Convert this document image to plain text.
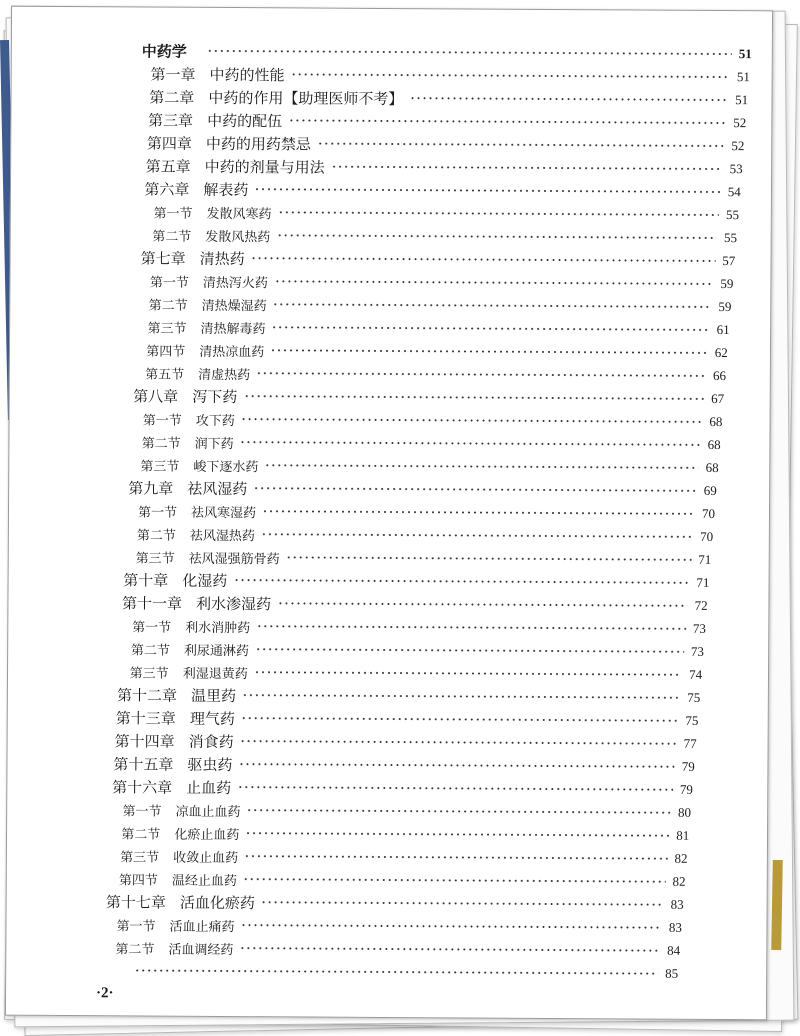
中药学	51
第一章 中药的性能	51
第二章 中药的作用【助理医师不考】	51
第三章 中药的配伍	52
第四章 中药的用药禁忌	52
第五章 中药的剂量与用法	53
第六章 解表药	54
第一节 发散风寒药	55
第二节 发散风热药	55
第七章 清热药	57
第一节 清热泻火药	59
第二节 清热燥湿药	59
第三节 清热解毒药	61
第四节 清热凉血药	62
第五节 清虚热药	66
第八章 泻下药	67
第一节 攻下药	68
第二节 润下药	68
第三节 峻下逐水药	68
第九章 祛风湿药	69
第一节 祛风寒湿药	70
第二节 祛风湿热药	70
第三节 祛风湿强筋骨药	71
第十章 化湿药	71
第十一章 利水渗湿药	72
第一节 利水消肿药	73
第二节 利尿通淋药	73
第三节 利湿退黄药	74
第十二章 温里药	75
第十三章 理气药	75
第十四章 消食药	77
第十五章 驱虫药	79
第十六章 止血药	79
第一节 凉血止血药	80
第二节 化瘀止血药	81
第三节 收敛止血药	82
第四节 温经止血药	82
第十七章 活血化瘀药	83
第一节 活血止痛药	83
第二节 活血调经药	84
85
·2·
